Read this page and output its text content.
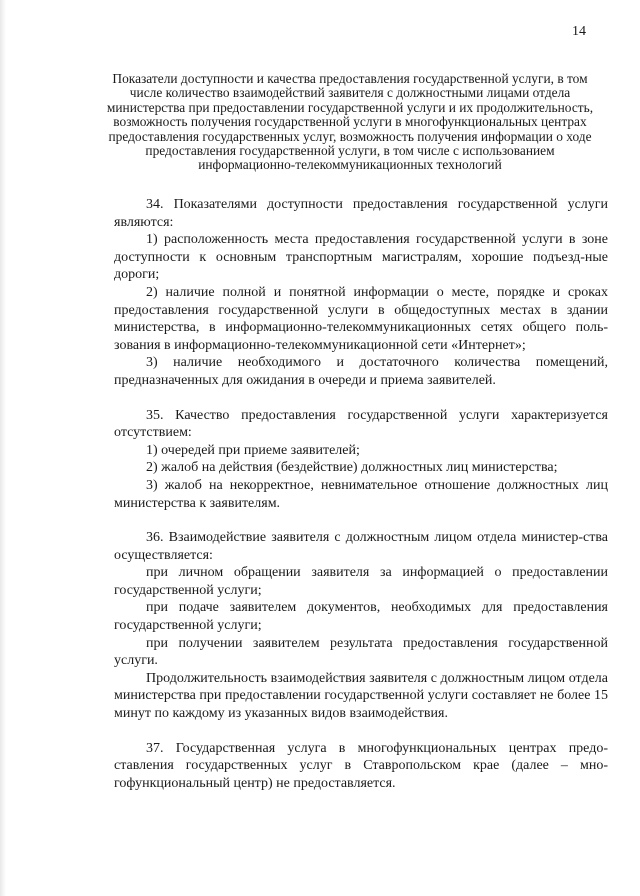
14
Показатели доступности и качества предоставления государственной услуги, в том числе количество взаимодействий заявителя с должностными лицами отдела министерства при предоставлении государственной услуги и их продолжительность, возможность получения государственной услуги в многофункциональных центрах предоставления государственных услуг, возможность получения информации о ходе предоставления государственной услуги, в том числе с использованием информационно-телекоммуникационных технологий

34. Показателями доступности предоставления государственной услуги являются:

1) расположенность места предоставления государственной услуги в зоне доступности к основным транспортным магистралям, хорошие подъезд-ные дороги;

2) наличие полной и понятной информации о месте, порядке и сроках предоставления государственной услуги в общедоступных местах в здании министерства, в информационно-телекоммуникационных сетях общего поль-зования в информационно-телекоммуникационной сети «Интернет»;

3) наличие необходимого и достаточного количества помещений, предназначенных для ожидания в очереди и приема заявителей.

35. Качество предоставления государственной услуги характеризуется отсутствием:

1) очередей при приеме заявителей;

2) жалоб на действия (бездействие) должностных лиц министерства;

3) жалоб на некорректное, невнимательное отношение должностных лиц министерства к заявителям.

36. Взаимодействие заявителя с должностным лицом отдела министер-ства осуществляется:

при личном обращении заявителя за информацией о предоставлении государственной услуги;

при подаче заявителем документов, необходимых для предоставления государственной услуги;

при получении заявителем результата предоставления государственной услуги.

Продолжительность взаимодействия заявителя с должностным лицом отдела министерства при предоставлении государственной услуги составляет не более 15 минут по каждому из указанных видов взаимодействия.

37. Государственная услуга в многофункциональных центрах предо-ставления государственных услуг в Ставропольском крае (далее – мно-гофункциональный центр) не предоставляется.
